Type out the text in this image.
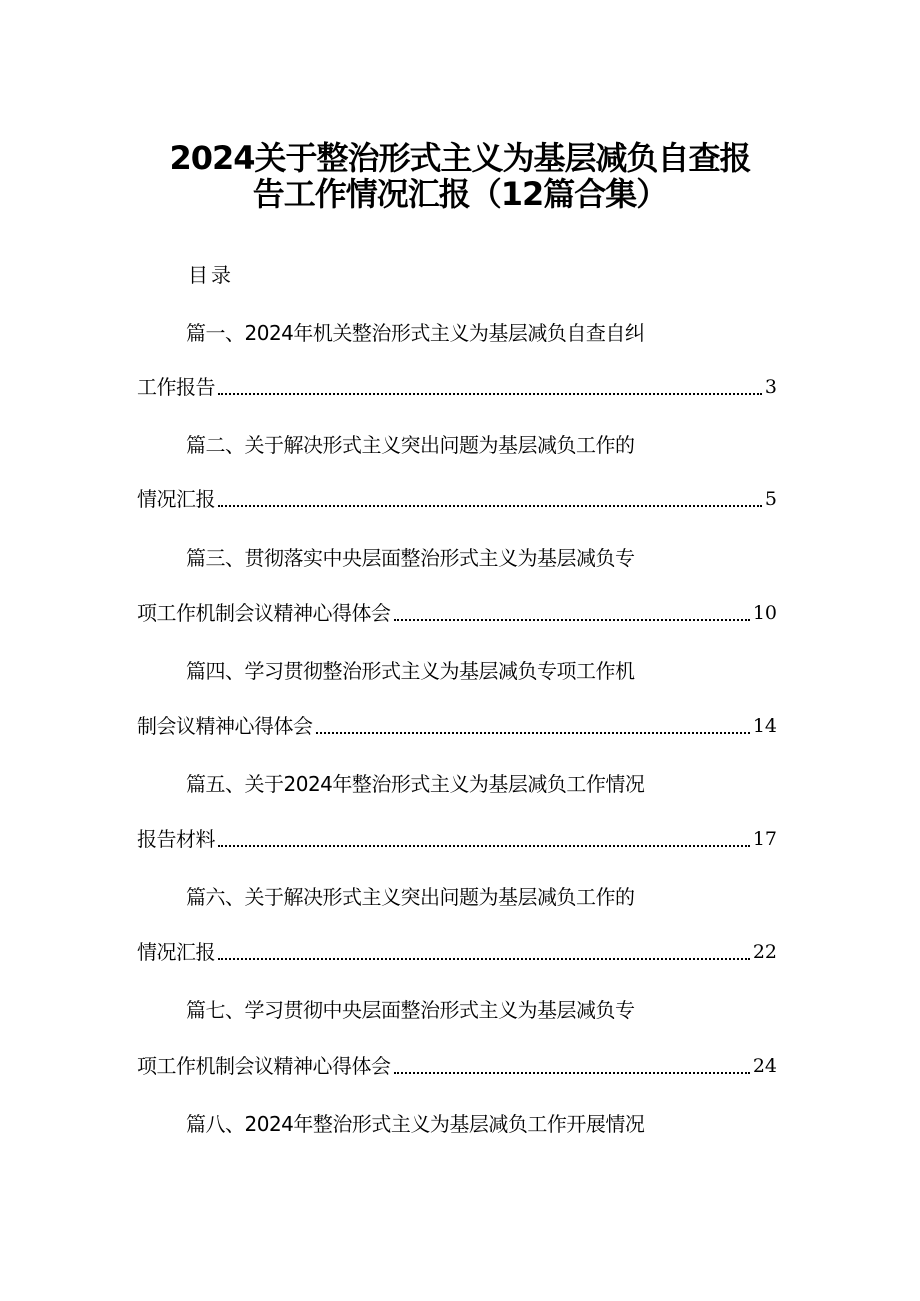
2024关于整治形式主义为基层减负自查报
告工作情况汇报（12篇合集）
目录
篇一、2024年机关整治形式主义为基层减负自查自纠
工作报告	3
篇二、关于解决形式主义突出问题为基层减负工作的
情况汇报	5
篇三、贯彻落实中央层面整治形式主义为基层减负专
项工作机制会议精神心得体会	10
篇四、学习贯彻整治形式主义为基层减负专项工作机
制会议精神心得体会	14
篇五、关于2024年整治形式主义为基层减负工作情况
报告材料	17
篇六、关于解决形式主义突出问题为基层减负工作的
情况汇报	22
篇七、学习贯彻中央层面整治形式主义为基层减负专
项工作机制会议精神心得体会	24
篇八、2024年整治形式主义为基层减负工作开展情况
